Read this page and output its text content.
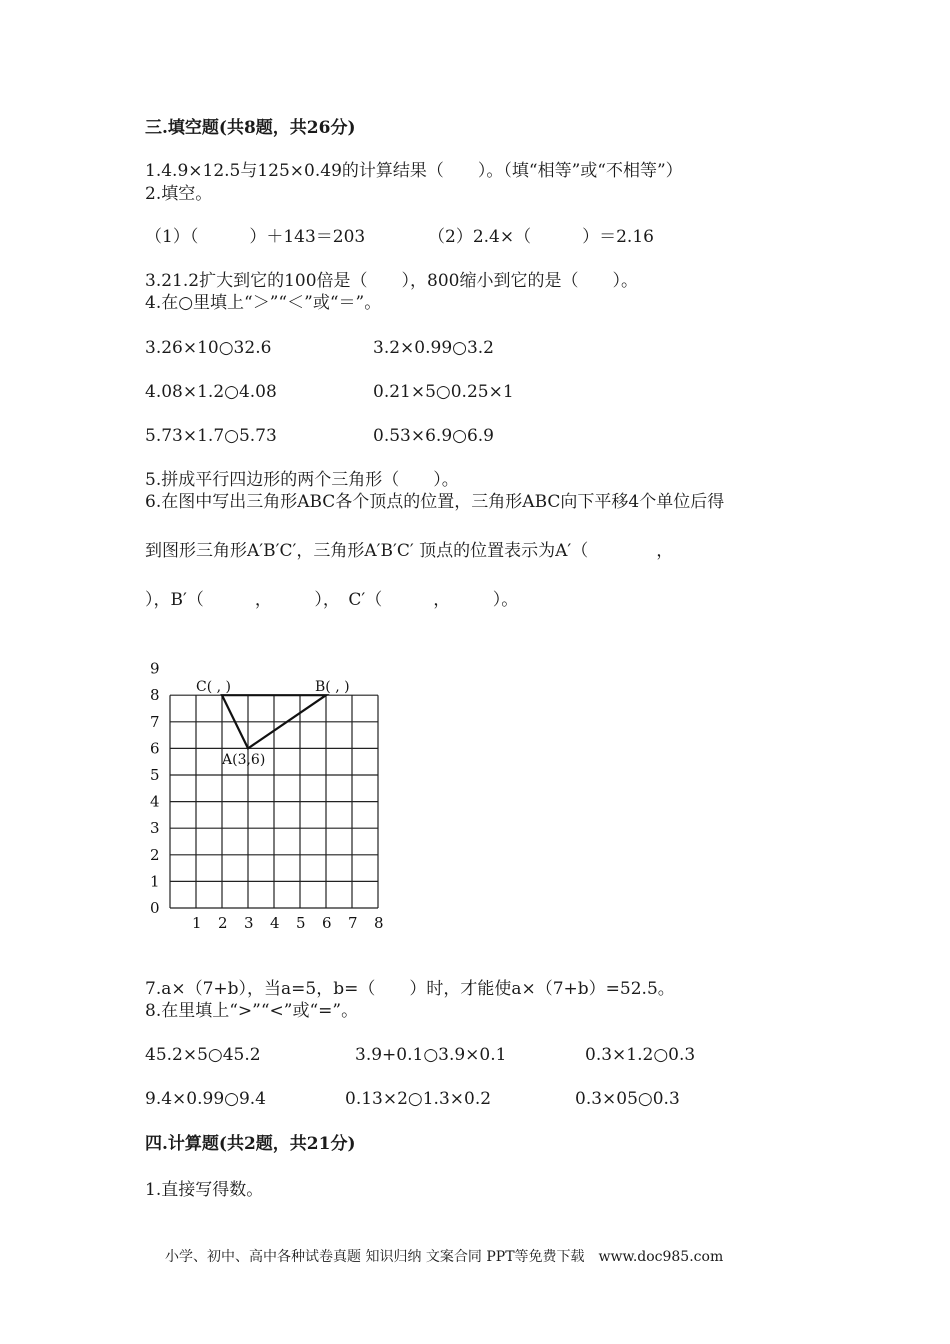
三.填空题(共8题，共26分)
1.4.9×12.5与125×0.49的计算结果（　　）。（填“相等”或“不相等”）
2.填空。
（1）（　　　）＋143＝203	（2）2.4×（　　　）＝2.16
3.21.2扩大到它的100倍是（　　），800缩小到它的是（　　）。
4.在○里填上“＞”“＜”或“＝”。
3.26×10○32.6	3.2×0.99○3.2
4.08×1.2○4.08	0.21×5○0.25×1
5.73×1.7○5.73	0.53×6.9○6.9
5.拼成平行四边形的两个三角形（　　）。
6.在图中写出三角形ABC各个顶点的位置，三角形ABC向下平移4个单位后得
到图形三角形A′B′C′，三角形A′B′C′ 顶点的位置表示为A′（　　　　，
），B′（　　　，　　　），　C′（　　　，　　　）。
1 2 3 4 5 6 7 8
0
1
2
3
4
5
6
7
8
9
C( , )	B( , )
A(3,6)
7.a×（7+b），当a=5，b=（　　）时，才能使a×（7+b）=52.5。
8.在里填上“>”“<”或“=”。
45.2×5○45.2	3.9+0.1○3.9×0.1	0.3×1.2○0.3
9.4×0.99○9.4	0.13×2○1.3×0.2	0.3×05○0.3
四.计算题(共2题，共21分)
1.直接写得数。
小学、初中、高中各种试卷真题 知识归纳 文案合同 PPT等免费下载　www.doc985.com
